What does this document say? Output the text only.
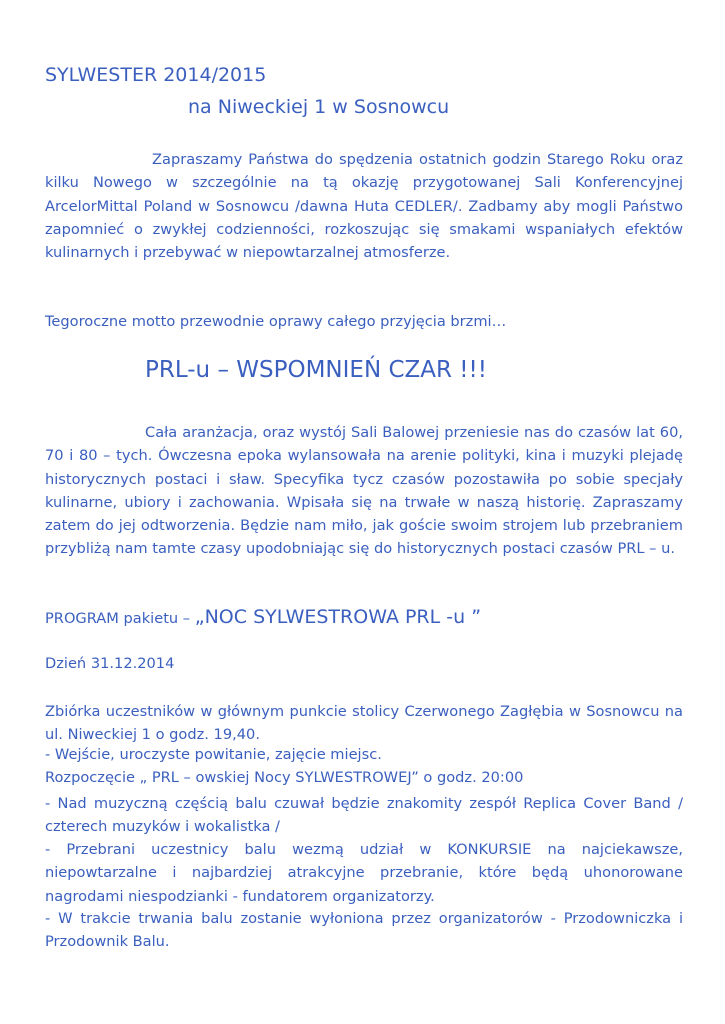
SYLWESTER 2014/2015
na Niweckiej 1 w Sosnowcu
Zapraszamy Państwa do spędzenia ostatnich godzin Starego Roku oraz kilku Nowego w szczególnie na tą okazję przygotowanej Sali Konferencyjnej ArcelorMittal Poland w Sosnowcu /dawna Huta CEDLER/. Zadbamy aby mogli Państwo zapomnieć o zwykłej codzienności, rozkoszując się smakami wspaniałych efektów kulinarnych i przebywać w niepowtarzalnej atmosferze.
Tegoroczne motto przewodnie oprawy całego przyjęcia brzmi…
PRL-u – WSPOMNIEŃ CZAR !!!
Cała aranżacja, oraz wystój Sali Balowej przeniesie nas do czasów lat 60, 70 i 80 – tych. Ówczesna epoka wylansowała na arenie polityki, kina i muzyki plejadę historycznych postaci i sław. Specyfika tycz czasów pozostawiła po sobie specjały kulinarne, ubiory i zachowania. Wpisała się na trwałe w naszą historię. Zapraszamy zatem do jej odtworzenia. Będzie nam miło, jak goście swoim strojem lub przebraniem przybliżą nam tamte czasy upodobniając się do historycznych postaci czasów PRL – u.
PROGRAM pakietu – „NOC SYLWESTROWA PRL -u ”
Dzień 31.12.2014
Zbiórka uczestników w głównym punkcie stolicy Czerwonego Zagłębia w Sosnowcu na ul. Niweckiej 1 o godz. 19,40.
- Wejście, uroczyste powitanie, zajęcie miejsc.
Rozpoczęcie „ PRL – owskiej Nocy SYLWESTROWEJ” o godz. 20:00
- Nad muzyczną częścią balu czuwał będzie znakomity zespół Replica Cover Band / czterech muzyków i wokalistka /
- Przebrani uczestnicy balu wezmą udział w KONKURSIE na najciekawsze, niepowtarzalne i najbardziej atrakcyjne przebranie, które będą uhonorowane nagrodami niespodzianki - fundatorem organizatorzy.
- W trakcie trwania balu zostanie wyłoniona przez organizatorów - Przodowniczka i Przodownik Balu.
